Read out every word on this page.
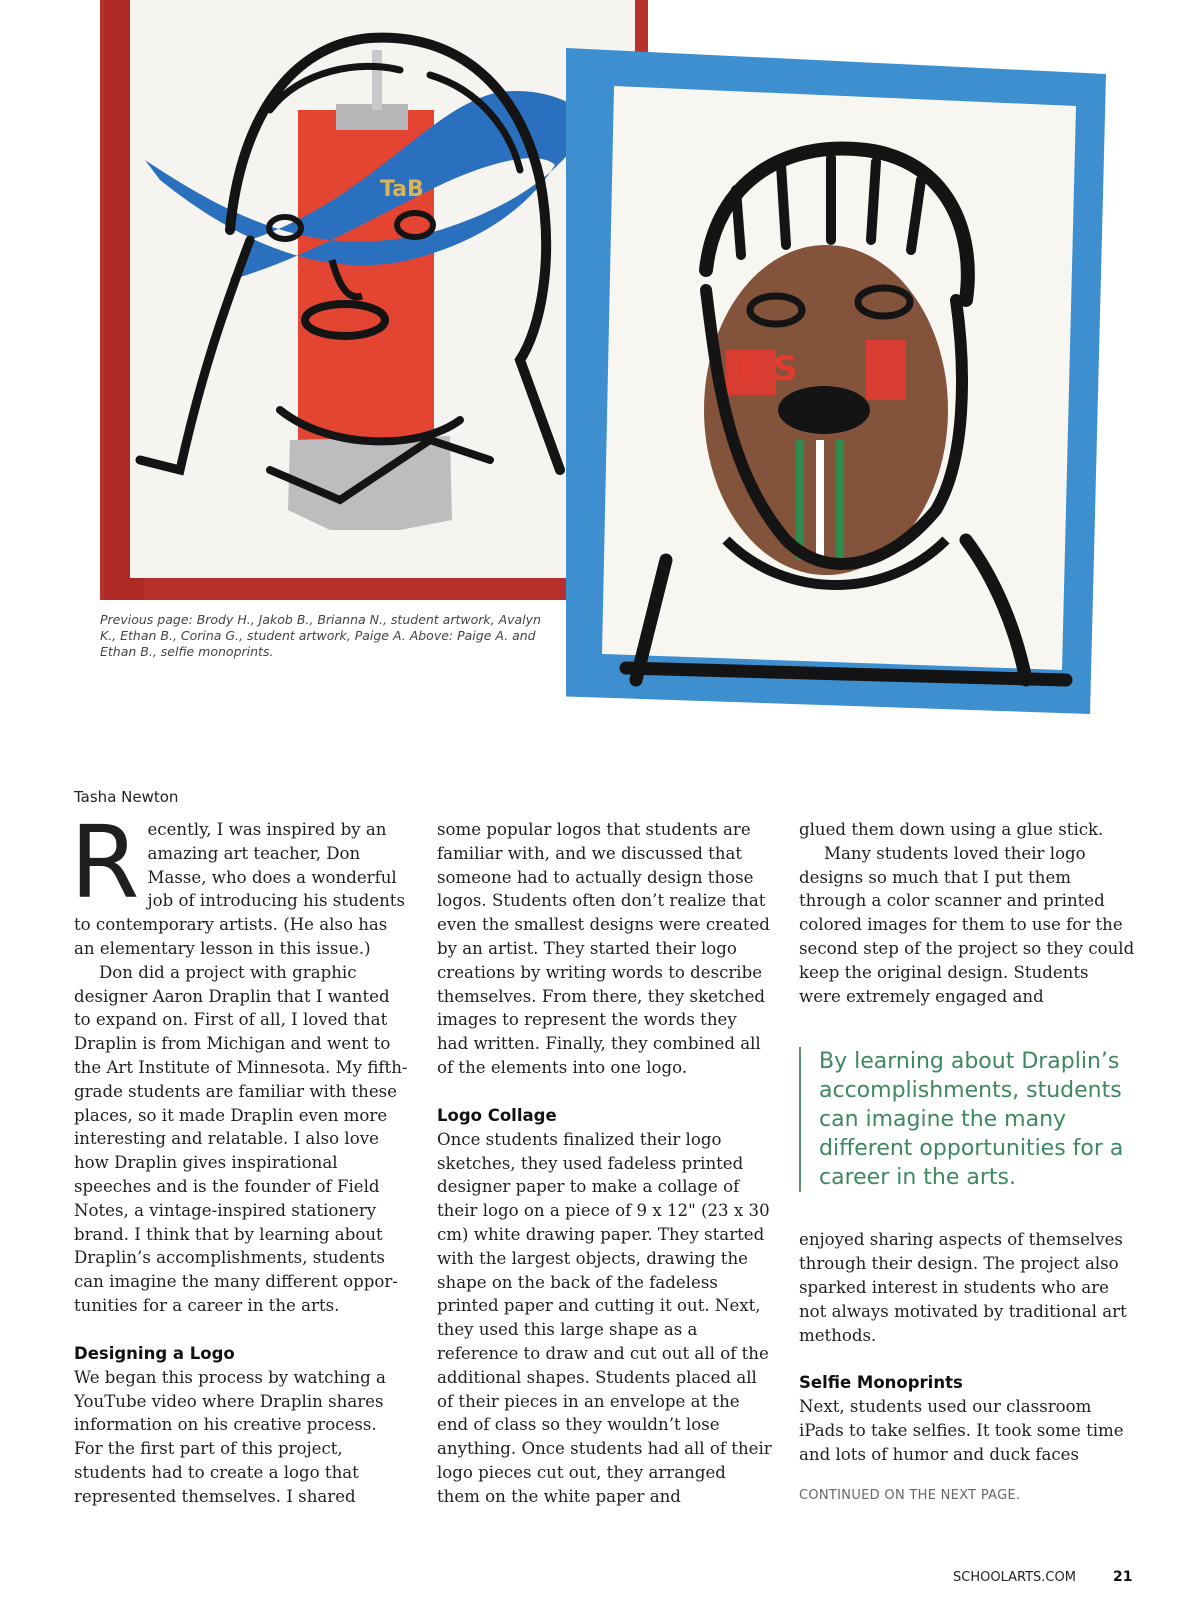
TaB
E S
Previous page: Brody H., Jakob B., Brianna N., student artwork, Avalyn K., Ethan B., Corina G., student artwork, Paige A. Above: Paige A. and Ethan B., selfie monoprints.
Tasha Newton

Recently, I was inspired by an amazing art teacher, Don Masse, who does a wonderful job of introducing his students to contemporary artists. (He also has an elementary lesson in this issue.)

Don did a project with graphic designer Aaron Draplin that I wanted to expand on. First of all, I loved that Draplin is from Michigan and went to the Art Institute of Minnesota. My fifth-grade students are familiar with these places, so it made Draplin even more interesting and relatable. I also love how Draplin gives inspirational speeches and is the founder of Field Notes, a vintage-inspired stationery brand. I think that by learning about Draplin’s accomplishments, students can imagine the many different opportunities for a career in the arts.

Designing a Logo

We began this process by watching a YouTube video where Draplin shares information on his creative process. For the first part of this project, students had to create a logo that represented themselves. I shared

some popular logos that students are familiar with, and we discussed that someone had to actually design those logos. Students often don’t realize that even the smallest designs were created by an artist. They started their logo creations by writing words to describe themselves. From there, they sketched images to represent the words they had written. Finally, they combined all of the elements into one logo.

Logo Collage

Once students finalized their logo sketches, they used fadeless printed designer paper to make a collage of their logo on a piece of 9 x 12" (23 x 30 cm) white drawing paper. They started with the largest objects, drawing the shape on the back of the fadeless printed paper and cutting it out. Next, they used this large shape as a reference to draw and cut out all of the additional shapes. Students placed all of their pieces in an envelope at the end of class so they wouldn’t lose anything. Once students had all of their logo pieces cut out, they arranged them on the white paper and

glued them down using a glue stick.

Many students loved their logo designs so much that I put them through a color scanner and printed colored images for them to use for the second step of the project so they could keep the original design. Students were extremely engaged and

enjoyed sharing aspects of themselves through their design. The project also sparked interest in students who are not always motivated by traditional art methods.

Selfie Monoprints

Next, students used our classroom iPads to take selfies. It took some time and lots of humor and duck faces

By learning about Draplin’s accomplishments, students can imagine the many different opportunities for a career in the arts.
CONTINUED ON THE NEXT PAGE.
SCHOOLARTS.COM	21
